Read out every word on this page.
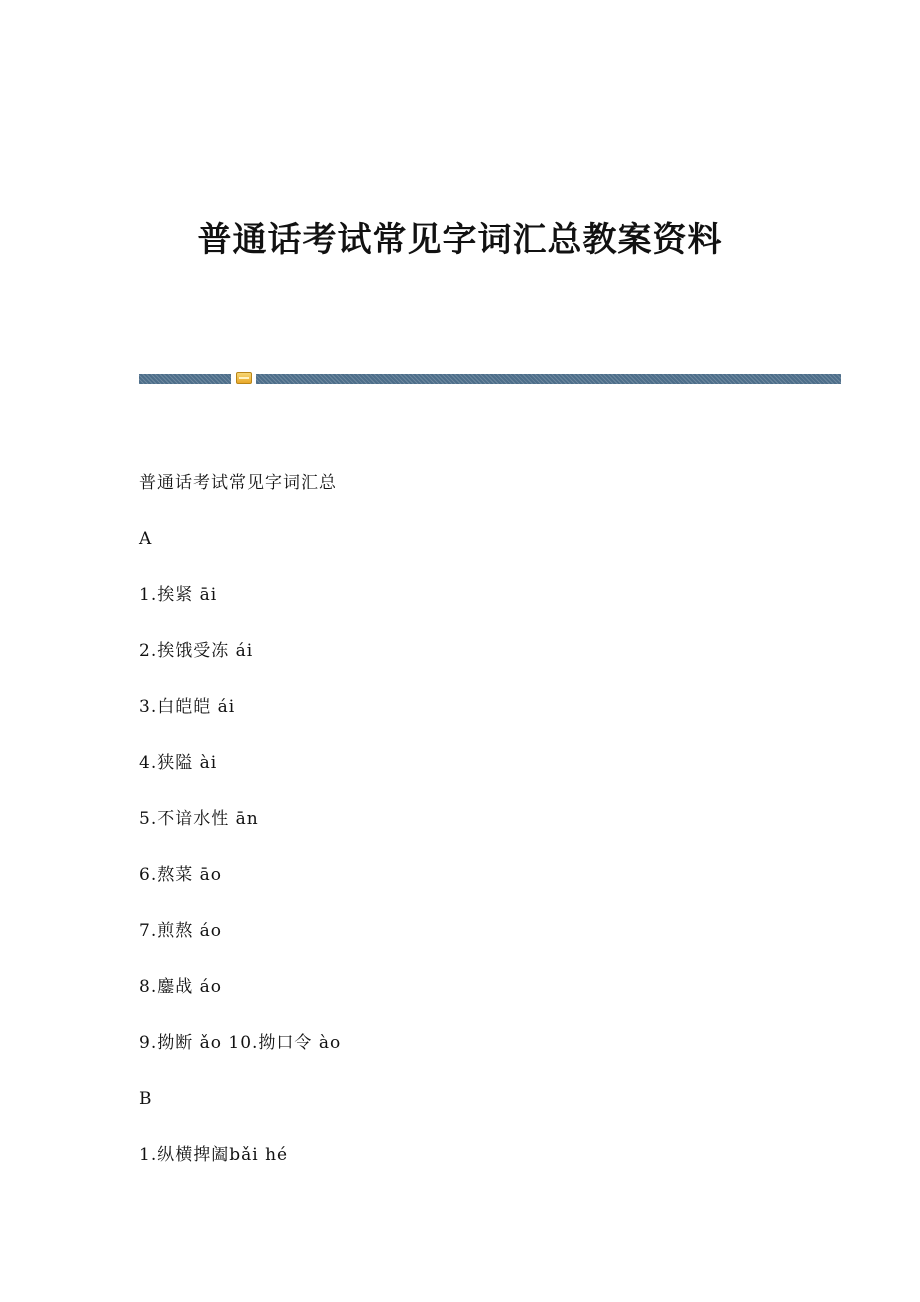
普通话考试常见字词汇总教案资料

普通话考试常见字词汇总

A

1.挨紧 āi

2.挨饿受冻 ái

3.白皑皑 ái

4.狭隘 ài

5.不谙水性 ān

6.熬菜 āo

7.煎熬 áo

8.鏖战 áo

9.拗断 ǎo 10.拗口令 ào

B

1.纵横捭阖bǎi hé
